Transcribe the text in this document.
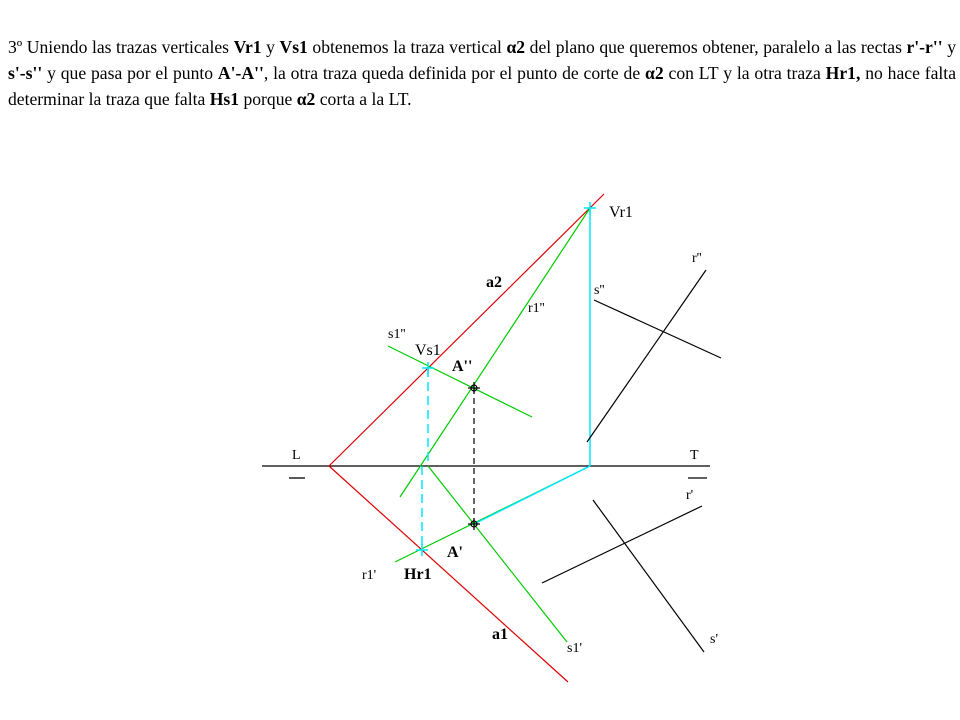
3º Uniendo las trazas verticales Vr1 y Vs1 obtenemos la traza vertical α2 del plano que queremos obtener, paralelo a las rectas r'-r'' y s'-s'' y que pasa por el punto A'-A'', la otra traza queda definida por el punto de corte de α2 con LT y la otra traza Hr1, no hace falta determinar la traza que falta Hs1 porque α2 corta a la LT.
L	T
Vr1
Vs1
Hr1
a2
a1
A''
A'
r1''
r1'
s1''
s1'
s''
r''
r'
s'
